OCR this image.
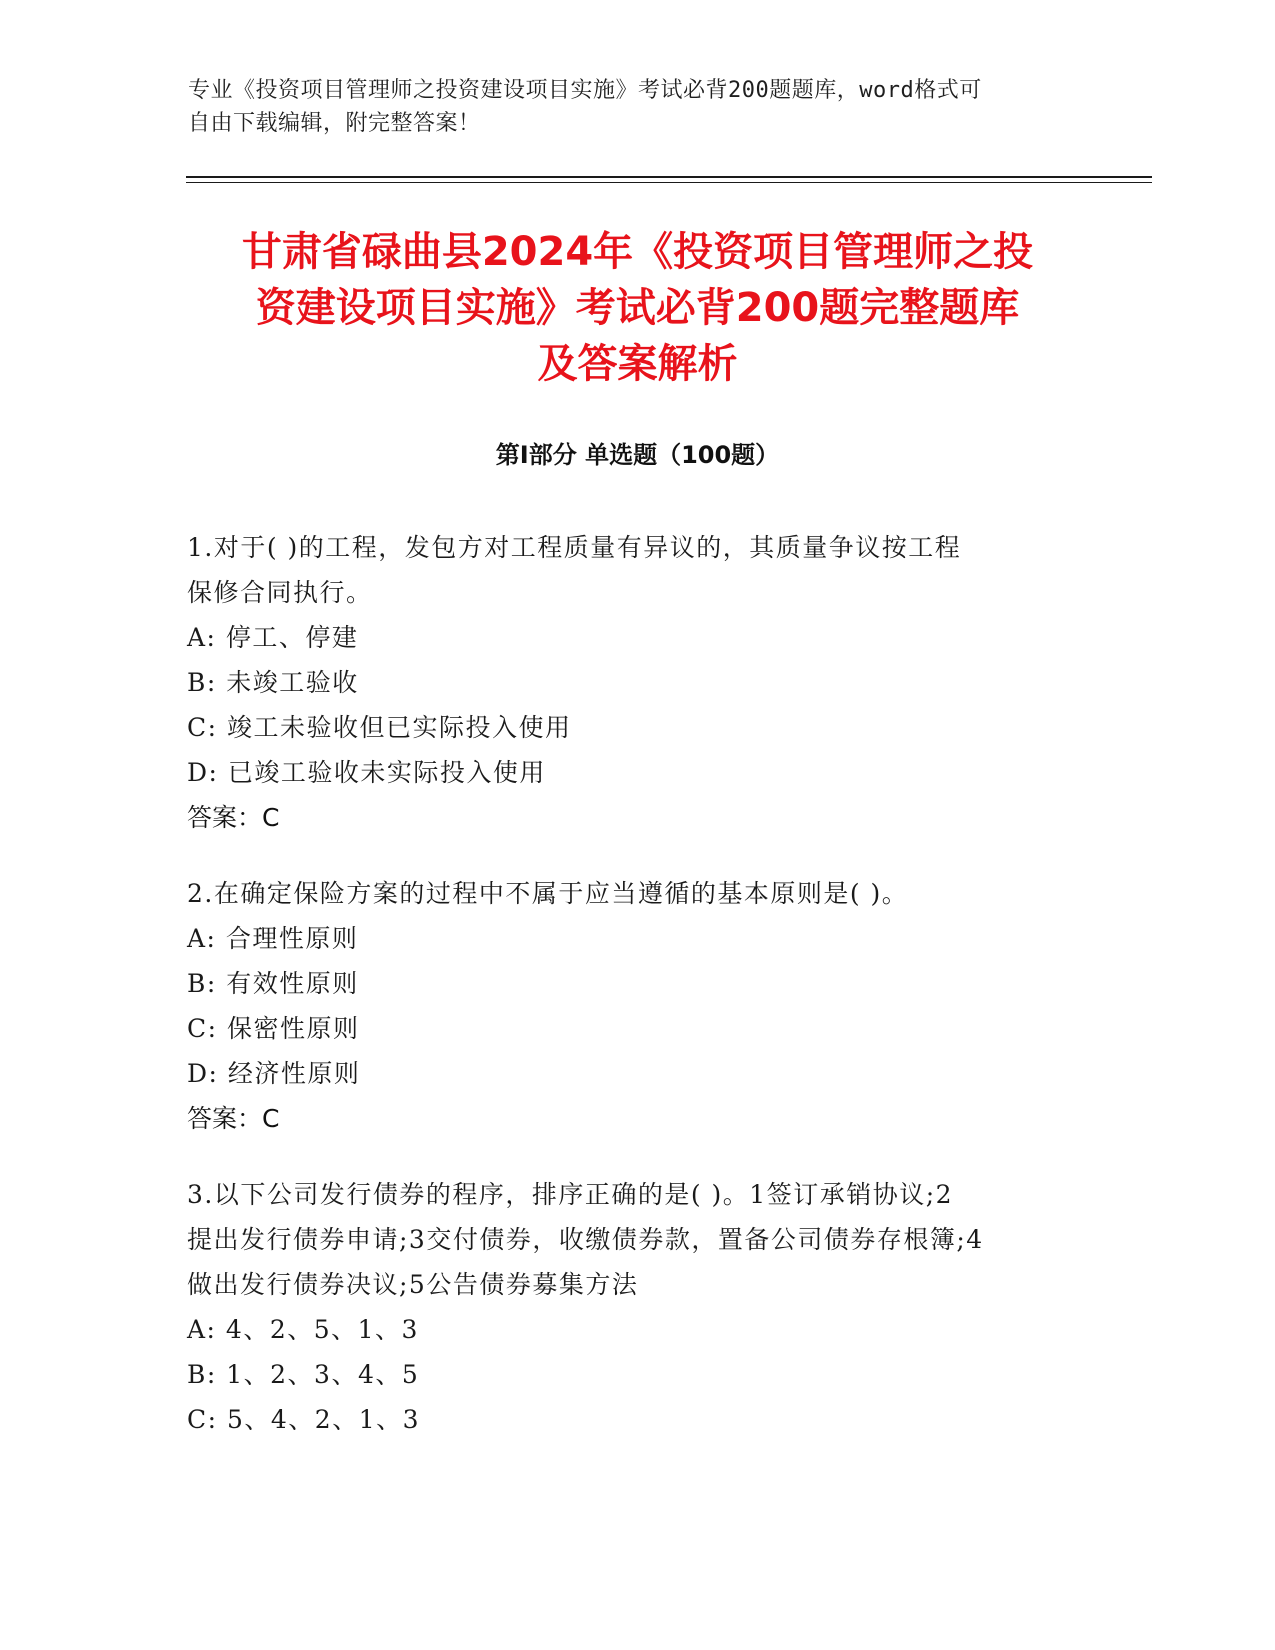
专业《投资项目管理师之投资建设项目实施》考试必背200题题库，word格式可
自由下载编辑，附完整答案！
甘肃省碌曲县2024年《投资项目管理师之投
资建设项目实施》考试必背200题完整题库
及答案解析
第Ⅰ部分 单选题（100题）

1.对于( )的工程，发包方对工程质量有异议的，其质量争议按工程

保修合同执行。

A: 停工、停建

B: 未竣工验收

C: 竣工未验收但已实际投入使用

D: 已竣工验收未实际投入使用

答案：C

2.在确定保险方案的过程中不属于应当遵循的基本原则是( )。

A: 合理性原则

B: 有效性原则

C: 保密性原则

D: 经济性原则

答案：C

3.以下公司发行债券的程序，排序正确的是( )。1签订承销协议;2

提出发行债券申请;3交付债券，收缴债券款，置备公司债券存根簿;4

做出发行债券决议;5公告债券募集方法

A: 4、2、5、1、3

B: 1、2、3、4、5

C: 5、4、2、1、3
